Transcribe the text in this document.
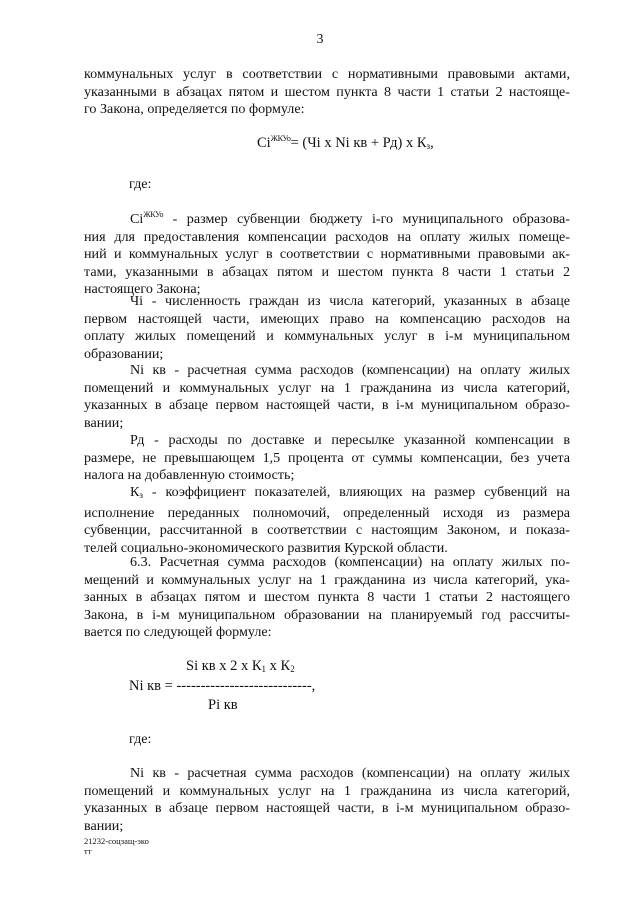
3
коммунальных услуг в соответствии с нормативными правовыми актами,
указанными в абзацах пятом и шестом пункта 8 части 1 статьи 2 настояще-
го Закона, определяется по формуле:
$Ci^{ЖКУо}= (Чi$ х Ni кв + Рд) х $К_з$,
где:
$Ci^{ЖКУо}$ - размер субвенции бюджету i-го муниципального образова-
ния для предоставления компенсации расходов на оплату жилых помеще-
ний и коммунальных услуг в соответствии с нормативными правовыми ак-
тами, указанными в абзацах пятом и шестом пункта 8 части 1 статьи 2
настоящего Закона;
Чi - численность граждан из числа категорий, указанных в абзаце
первом настоящей части, имеющих право на компенсацию расходов на
оплату жилых помещений и коммунальных услуг в i-м муниципальном
образовании;
Ni кв - расчетная сумма расходов (компенсации) на оплату жилых
помещений и коммунальных услуг на 1 гражданина из числа категорий,
указанных в абзаце первом настоящей части, в i-м муниципальном образо-
вании;
Рд - расходы по доставке и пересылке указанной компенсации в
размере, не превышающем 1,5 процента от суммы компенсации, без учета
налога на добавленную стоимость;
$К_з$ - коэффициент показателей, влияющих на размер субвенций на
исполнение переданных полномочий, определенный исходя из размера
субвенции, рассчитанной в соответствии с настоящим Законом, и показа-
телей социально-экономического развития Курской области.
6.3. Расчетная сумма расходов (компенсации) на оплату жилых по-
мещений и коммунальных услуг на 1 гражданина из числа категорий, ука-
занных в абзацах пятом и шестом пункта 8 части 1 статьи 2 настоящего
Закона, в i-м муниципальном образовании на планируемый год рассчиты-
вается по следующей формуле:
Si кв х 2 х $К_1$ х $К_2$
Ni кв = ----------------------------,
Pi кв
где:
Ni кв - расчетная сумма расходов (компенсации) на оплату жилых
помещений и коммунальных услуг на 1 гражданина из числа категорий,
указанных в абзаце первом настоящей части, в i-м муниципальном образо-
вании;
21232-соцзащ-эко
тт
